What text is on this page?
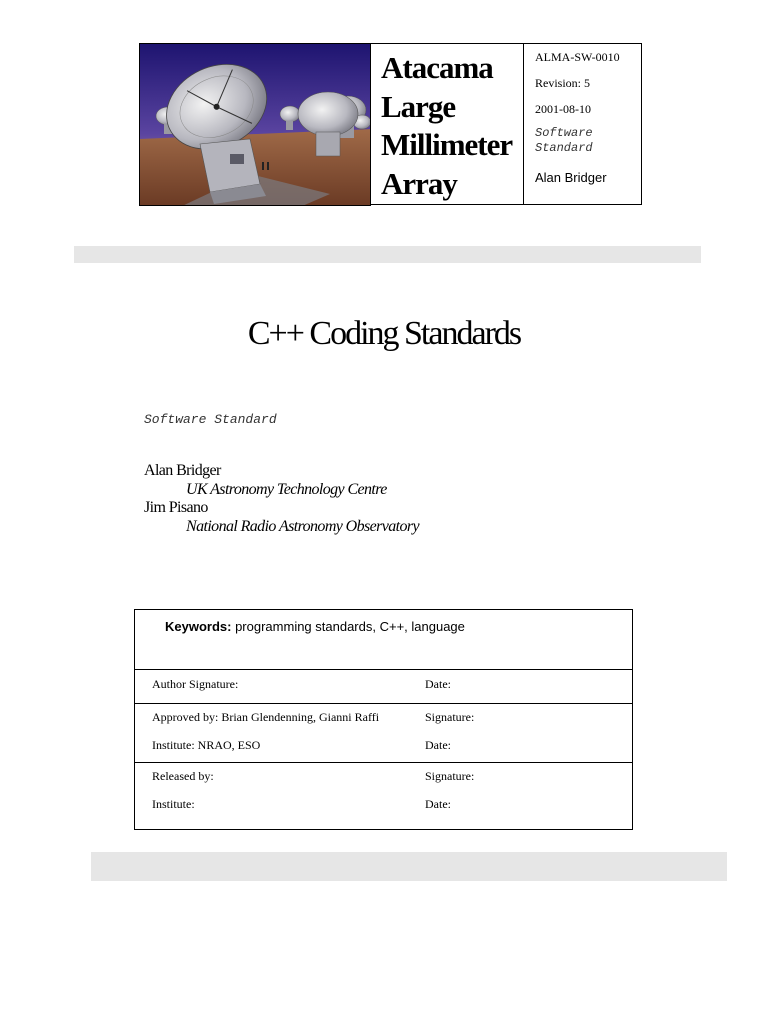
Atacama
Large
Millimeter
Array
ALMA-SW-0010
Revision: 5
2001-08-10
Software
Standard
Alan Bridger
C++ Coding Standards
Software Standard
Alan Bridger
UK Astronomy Technology Centre
Jim Pisano
National Radio Astronomy Observatory
Keywords: programming standards, C++, language
Author Signature:	Date:
Approved by: Brian Glendenning, Gianni Raffi	Signature:
Institute: NRAO, ESO	Date:
Released by:	Signature:
Institute:	Date:
